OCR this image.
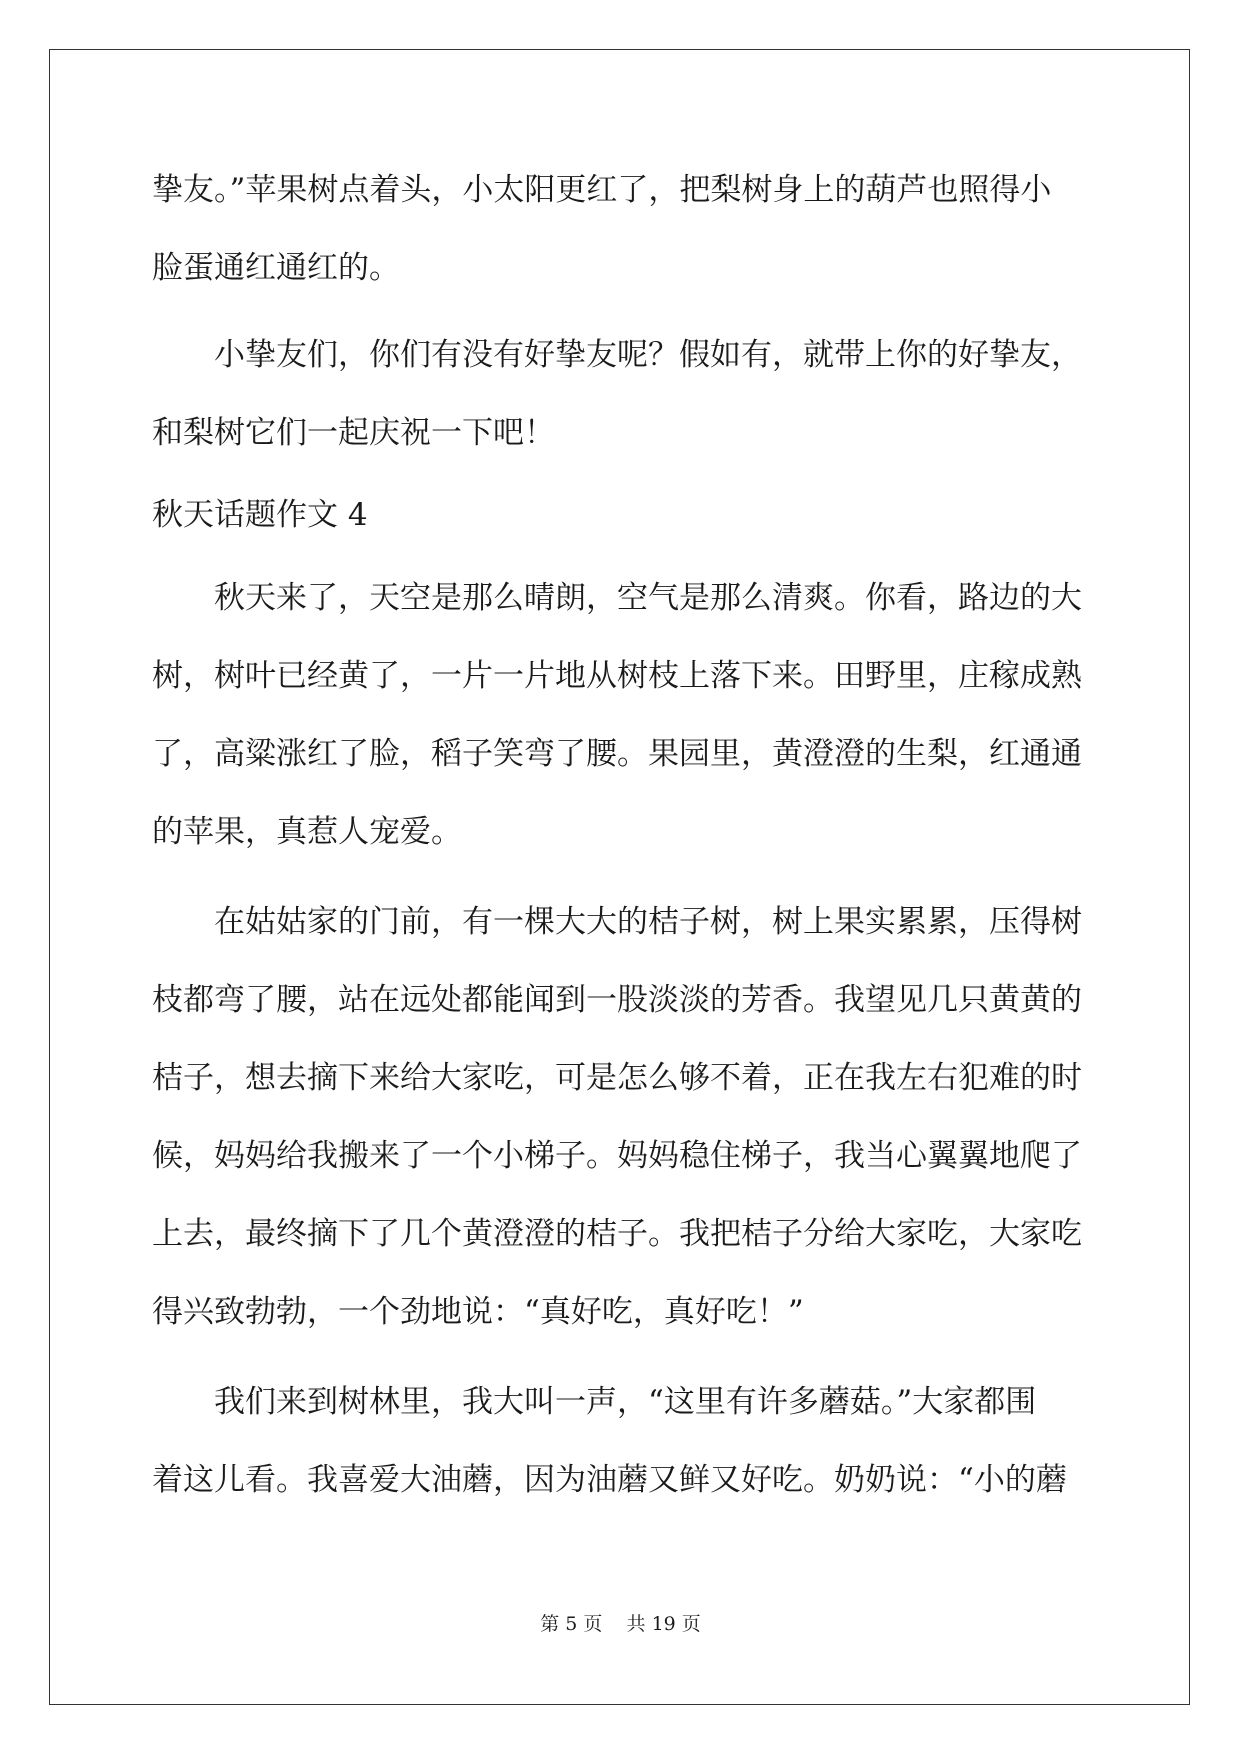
挚友。”苹果树点着头，小太阳更红了，把梨树身上的葫芦也照得小
脸蛋通红通红的。
小挚友们，你们有没有好挚友呢？假如有，就带上你的好挚友，
和梨树它们一起庆祝一下吧！
秋天话题作文 4
秋天来了，天空是那么晴朗，空气是那么清爽。你看，路边的大
树，树叶已经黄了，一片一片地从树枝上落下来。田野里，庄稼成熟
了，高粱涨红了脸，稻子笑弯了腰。果园里，黄澄澄的生梨，红通通
的苹果，真惹人宠爱。
在姑姑家的门前，有一棵大大的桔子树，树上果实累累，压得树
枝都弯了腰，站在远处都能闻到一股淡淡的芳香。我望见几只黄黄的
桔子，想去摘下来给大家吃，可是怎么够不着，正在我左右犯难的时
候，妈妈给我搬来了一个小梯子。妈妈稳住梯子，我当心翼翼地爬了
上去，最终摘下了几个黄澄澄的桔子。我把桔子分给大家吃，大家吃
得兴致勃勃，一个劲地说：“真好吃，真好吃！”
我们来到树林里，我大叫一声，“这里有许多蘑菇。”大家都围
着这儿看。我喜爱大油蘑，因为油蘑又鲜又好吃。奶奶说：“小的蘑
第 5 页    共 19 页
